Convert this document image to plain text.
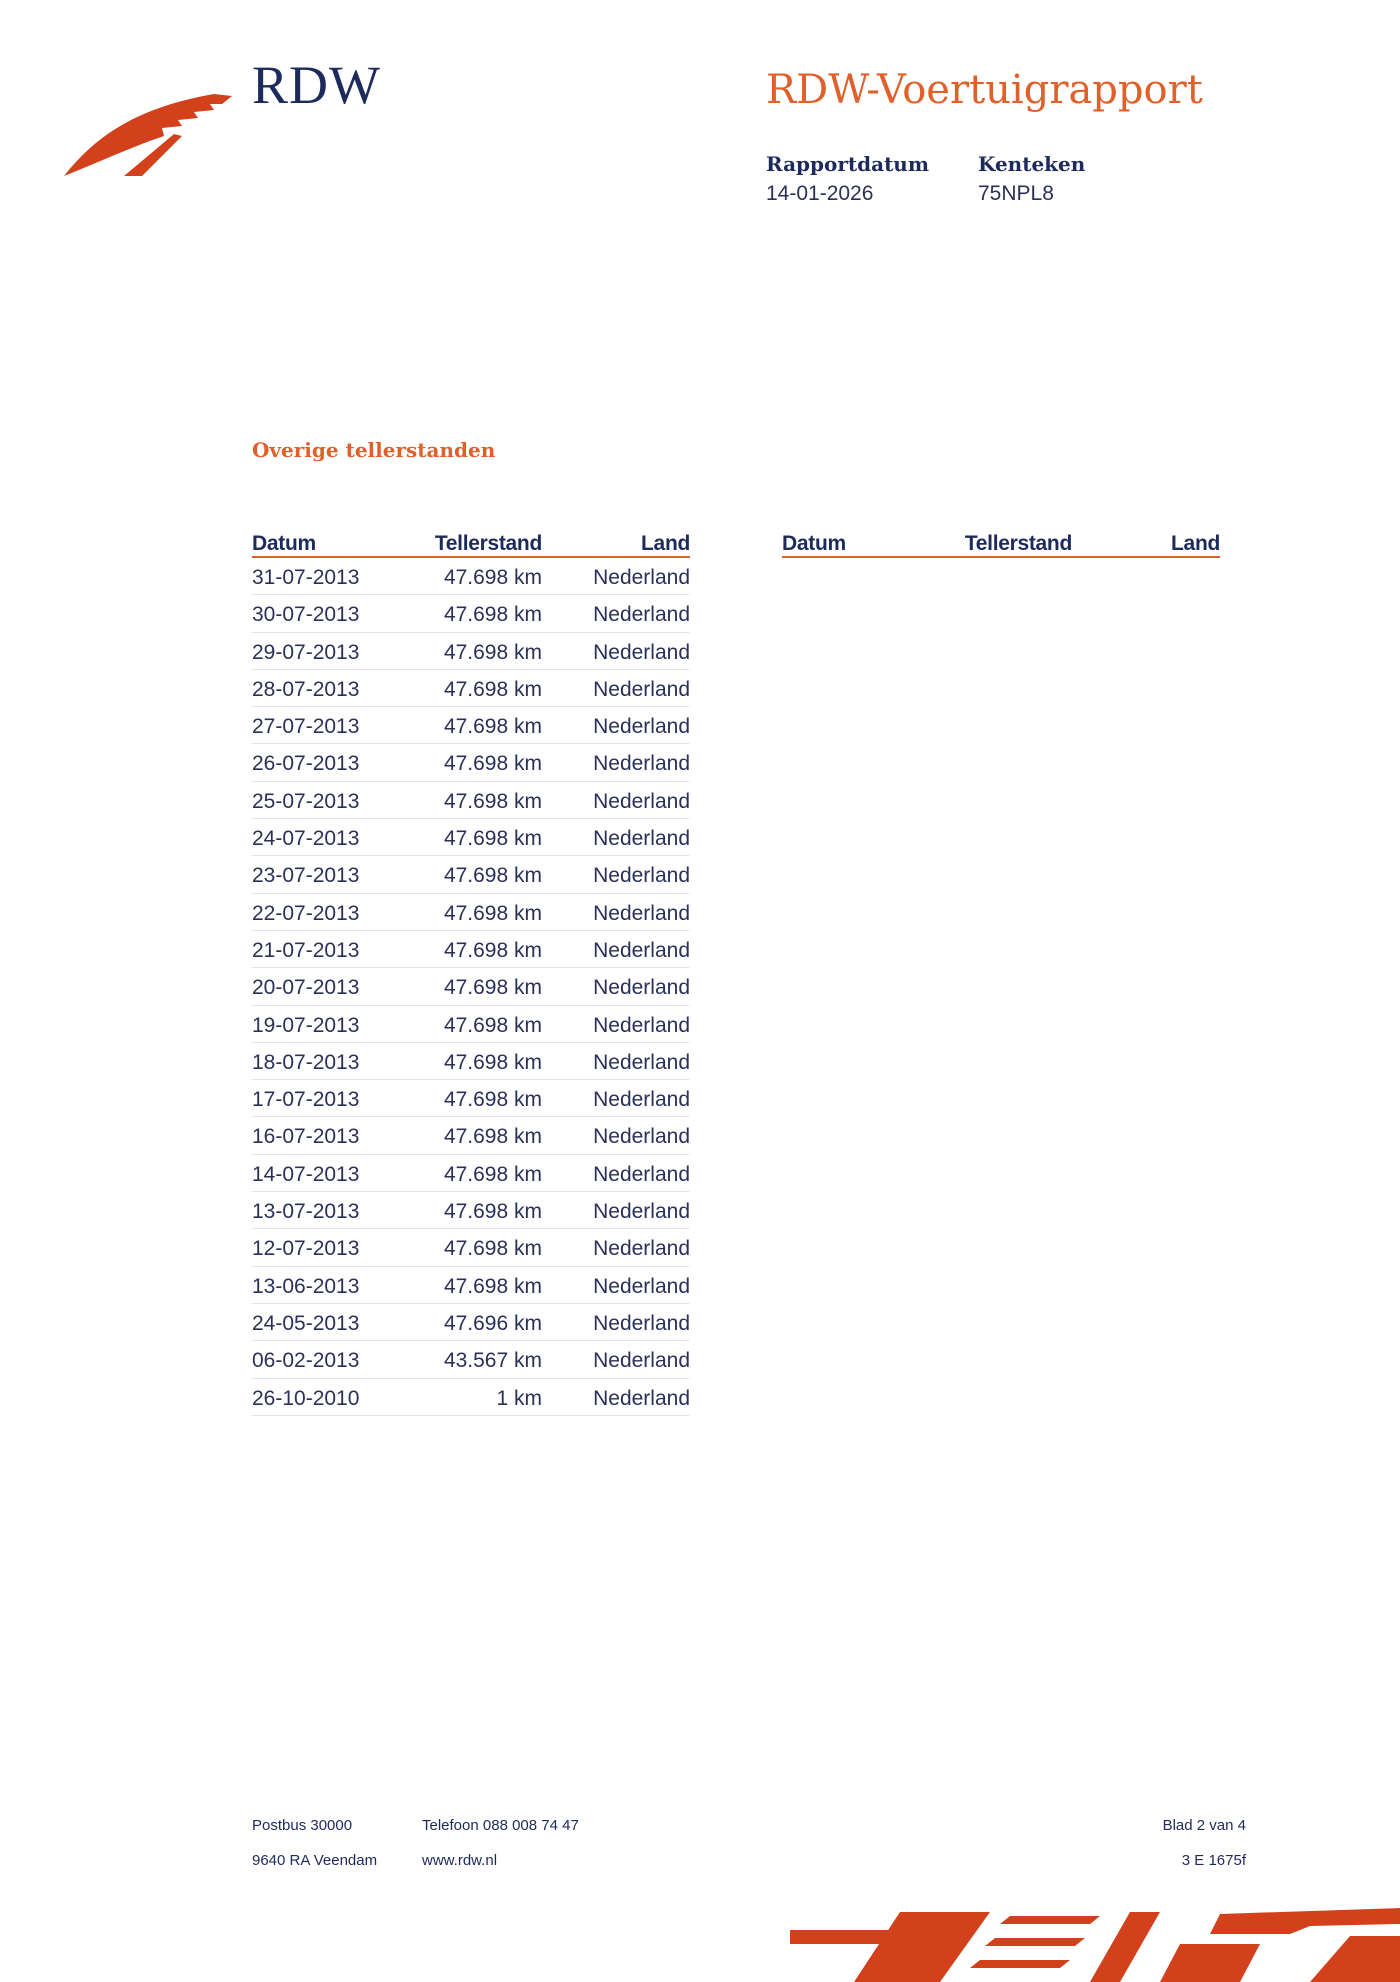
RDW	RDW-Voertuigrapport
Rapportdatum
14-01-2026
Kenteken
75NPL8
Overige tellerstanden
Datum	Tellerstand	Land
31-07-2013	47.698 km Nederland
30-07-2013	47.698 km Nederland
29-07-2013	47.698 km Nederland
28-07-2013	47.698 km Nederland
27-07-2013	47.698 km Nederland
26-07-2013	47.698 km Nederland
25-07-2013	47.698 km Nederland
24-07-2013	47.698 km Nederland
23-07-2013	47.698 km Nederland
22-07-2013	47.698 km Nederland
21-07-2013	47.698 km Nederland
20-07-2013	47.698 km Nederland
19-07-2013	47.698 km Nederland
18-07-2013	47.698 km Nederland
17-07-2013	47.698 km Nederland
16-07-2013	47.698 km Nederland
14-07-2013	47.698 km Nederland
13-07-2013	47.698 km Nederland
12-07-2013	47.698 km Nederland
13-06-2013	47.698 km Nederland
24-05-2013	47.696 km Nederland
06-02-2013	43.567 km Nederland
26-10-2010	1 km Nederland
Datum	Tellerstand	Land
Postbus 30000
9640 RA Veendam
Telefoon 088 008 74 47
www.rdw.nl
Blad 2 van 4
3 E 1675f
